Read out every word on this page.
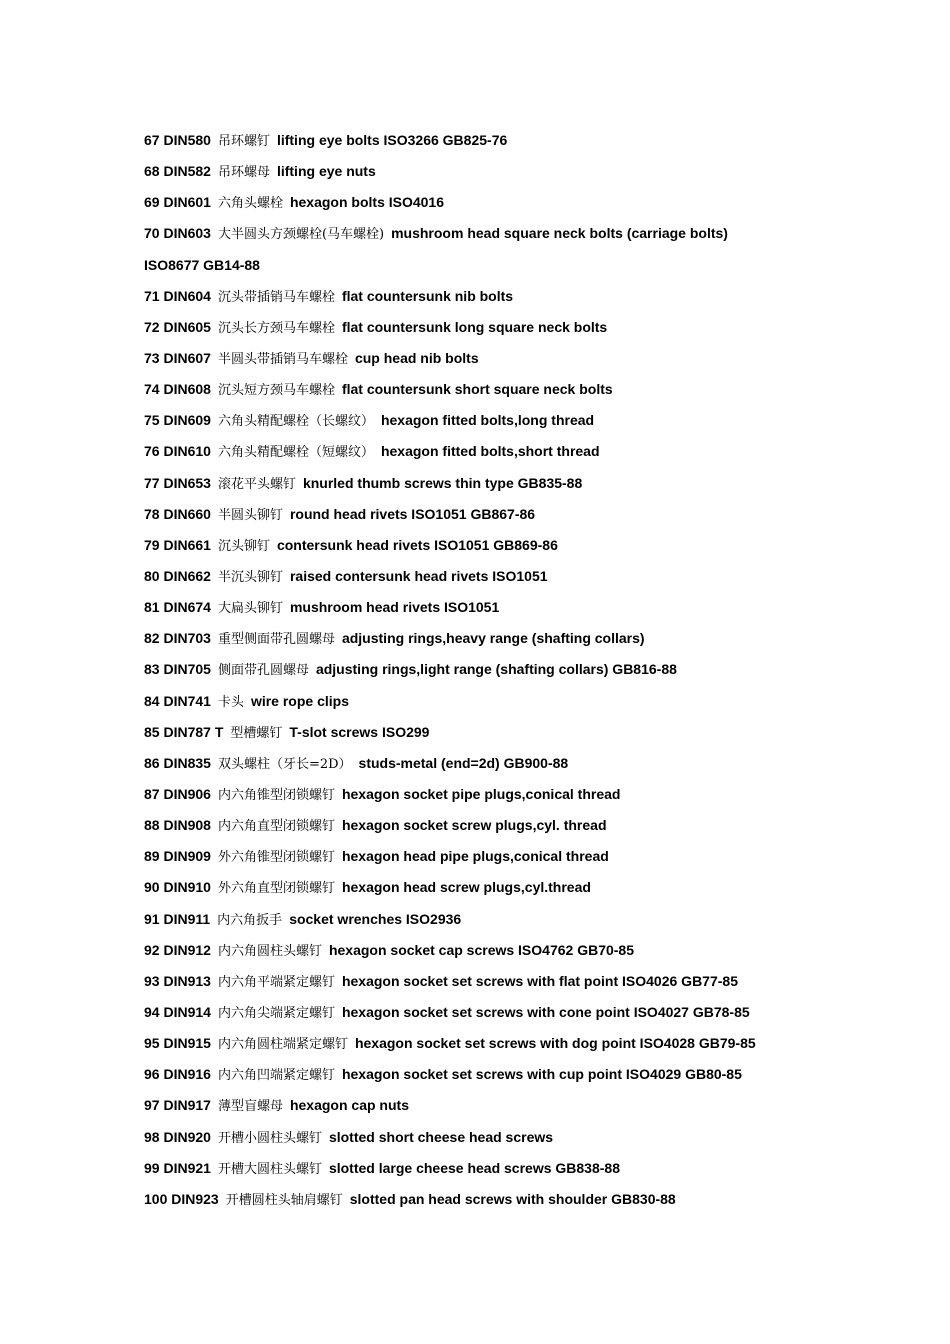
67 DIN580 吊环螺钉 lifting eye bolts ISO3266 GB825-76
68 DIN582 吊环螺母 lifting eye nuts
69 DIN601 六角头螺栓 hexagon bolts ISO4016
70 DIN603 大半圆头方颈螺栓(马车螺栓) mushroom head square neck bolts (carriage bolts)
ISO8677 GB14-88
71 DIN604 沉头带插销马车螺栓 flat countersunk nib bolts
72 DIN605 沉头长方颈马车螺栓 flat countersunk long square neck bolts
73 DIN607 半圆头带插销马车螺栓 cup head nib bolts
74 DIN608 沉头短方颈马车螺栓 flat countersunk short square neck bolts
75 DIN609 六角头精配螺栓（长螺纹） hexagon fitted bolts,long thread
76 DIN610 六角头精配螺栓（短螺纹） hexagon fitted bolts,short thread
77 DIN653 滚花平头螺钉 knurled thumb screws thin type GB835-88
78 DIN660 半圆头铆钉 round head rivets ISO1051 GB867-86
79 DIN661 沉头铆钉 contersunk head rivets ISO1051 GB869-86
80 DIN662 半沉头铆钉 raised contersunk head rivets ISO1051
81 DIN674 大扁头铆钉 mushroom head rivets ISO1051
82 DIN703 重型侧面带孔圆螺母 adjusting rings,heavy range (shafting collars)
83 DIN705 侧面带孔圆螺母 adjusting rings,light range (shafting collars) GB816-88
84 DIN741 卡头 wire rope clips
85 DIN787 T 型槽螺钉 T-slot screws ISO299
86 DIN835 双头螺柱（牙长=2D） studs-metal (end=2d) GB900-88
87 DIN906 内六角锥型闭锁螺钉 hexagon socket pipe plugs,conical thread
88 DIN908 内六角直型闭锁螺钉 hexagon socket screw plugs,cyl. thread
89 DIN909 外六角锥型闭锁螺钉 hexagon head pipe plugs,conical thread
90 DIN910 外六角直型闭锁螺钉 hexagon head screw plugs,cyl.thread
91 DIN911 内六角扳手 socket wrenches ISO2936
92 DIN912 内六角圆柱头螺钉 hexagon socket cap screws ISO4762 GB70-85
93 DIN913 内六角平端紧定螺钉 hexagon socket set screws with flat point ISO4026 GB77-85
94 DIN914 内六角尖端紧定螺钉 hexagon socket set screws with cone point ISO4027 GB78-85
95 DIN915 内六角圆柱端紧定螺钉 hexagon socket set screws with dog point ISO4028 GB79-85
96 DIN916 内六角凹端紧定螺钉 hexagon socket set screws with cup point ISO4029 GB80-85
97 DIN917 薄型盲螺母 hexagon cap nuts
98 DIN920 开槽小圆柱头螺钉 slotted short cheese head screws
99 DIN921 开槽大圆柱头螺钉 slotted large cheese head screws GB838-88
100 DIN923 开槽圆柱头轴肩螺钉 slotted pan head screws with shoulder GB830-88
